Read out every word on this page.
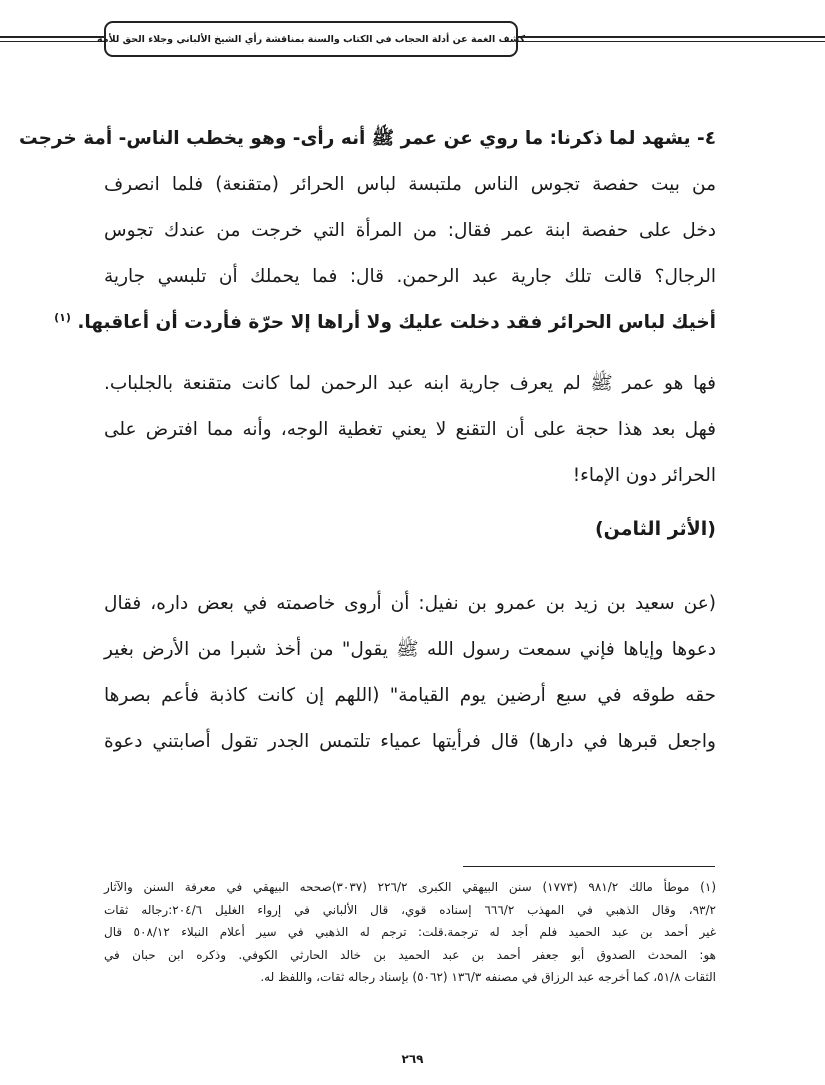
كشف الغمة عن أدلة الحجاب في الكتاب والسنة بمناقشة رأي الشيخ الألباني وجلاء الحق للأمة
٤- يشهد لما ذكرنا: ما روي عن عمر ﷺ أنه رأى- وهو يخطب الناس- أمة خرجت
من بيت حفصة تجوس الناس ملتبسة لباس الحرائر (متقنعة) فلما انصرف
دخل على حفصة ابنة عمر فقال: من المرأة التي خرجت من عندك تجوس
الرجال؟ قالت تلك جارية عبد الرحمن. قال: فما يحملك أن تلبسي جارية
أخيك لباس الحرائر فقد دخلت عليك ولا أراها إلا حرّة فأردت أن أعاقبها. $^{(١)}$
فها هو عمر ﷺ لم يعرف جارية ابنه عبد الرحمن لما كانت متقنعة بالجلباب.
فهل بعد هذا حجة على أن التقنع لا يعني تغطية الوجه، وأنه مما افترض على
الحرائر دون الإماء!
(الأثر الثامن)
(عن سعيد بن زيد بن عمرو بن نفيل: أن أروى خاصمته في بعض داره، فقال
دعوها وإياها فإني سمعت رسول الله ﷺ يقول" من أخذ شبرا من الأرض بغير
حقه طوقه في سبع أرضين يوم القيامة" (اللهم إن كانت كاذبة فأعم بصرها
واجعل قبرها في دارها) قال فرأيتها عمياء تلتمس الجدر تقول أصابتني دعوة
(١) موطأ مالك ٩٨١/٢ (١٧٧٣) سنن البيهقي الكبرى ٢٢٦/٢ (٣٠٣٧)صححه البيهقي في معرفة السنن والآثار
٩٣/٢، وقال الذهبي في المهذب ٦٦٦/٢ إسناده قوي، قال الألباني في إرواء الغليل ٢٠٤/٦:رجاله ثقات
غير أحمد بن عبد الحميد فلم أجد له ترجمة.قلت: ترجم له الذهبي في سير أعلام النبلاء ٥٠٨/١٢ قال
هو: المحدث الصدوق أبو جعفر أحمد بن عبد الحميد بن خالد الحارثي الكوفي. وذكره ابن حبان في
الثقات ٥١/٨، كما أخرجه عبد الرزاق في مصنفه ١٣٦/٣ (٥٠٦٢) بإسناد رجاله ثقات، واللفظ له.
٢٦٩
